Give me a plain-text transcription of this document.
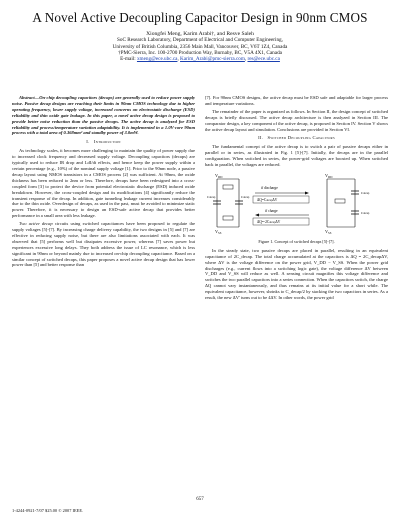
A Novel Active Decoupling Capacitor Design in 90nm CMOS
Xiongfei Meng, Karim Arabi†, and Resve Saleh
SoC Research Laboratory, Department of Electrical and Computer Engineering,
University of British Columbia, 2356 Main Mall, Vancouver, BC, V6T 1Z4, Canada
†PMC-Sierra, Inc. 100-2700 Production Way, Burnaby, BC, V5A 4X1, Canada
E-mail: xmeng@ece.ubc.ca, Karim_Arabi@pmc-sierra.com, res@ece.ubc.ca

Abstract—On-chip decoupling capacitors (decaps) are generally used to reduce power supply noise. Passive decap designs are reaching their limits in 90nm CMOS technology due to higher operating frequency, lower supply voltage, increased concerns on electrostatic discharge (ESD) reliability and thin oxide gate leakage. In this paper, a novel active decap design is proposed to provide better noise reduction than the passive decaps. The active decap is analyzed for ESD reliability and process/temperature variation adaptability. It is implemented in a 1.0V-core 90nm process with a total area of 0.368mm² and standby power of 3.0mW.

I. Introduction

As technology scales, it becomes more challenging to maintain the quality of power supply due to increased clock frequency and decreased supply voltage. Decoupling capacitors (decaps) are typically used to reduce IR drop and LdI/dt effects, and hence keep the power supply within a certain percentage (e.g., 10%) of the nominal supply voltage [1]. Prior to the 90nm node, a passive decap layout using NMOS transistors in a CMOS process [2] was sufficient. At 90nm, the oxide thickness has been reduced to 2nm or less. Therefore, decaps have been redesigned into a cross-coupled form [3] to protect the device from potential electrostatic discharge (ESD) induced oxide breakdown. However, the cross-coupled design and its modifications [4] significantly reduce the transient response of the decap. In addition, gate tunneling leakage current increases considerably due to the thin oxide. Overdesign of decaps, as used in the past, must be avoided to minimize static power. Therefore, it is necessary to design an ESD-safe active decap that provides better performance in a small area with less leakage.

Two active decap circuits using switched capacitances have been proposed to regulate the supply voltages [5]-[7]. By increasing charge delivery capability, the two designs in [5] and [7] are effective in reducing supply noise, but there are also limitations associated with each. It was observed that [5] performs well but dissipates excessive power, whereas [7] saves power but experiences excessive long delays. They both address the issue of LC resonance, which is less significant in 90nm or beyond mainly due to increased on-chip decoupling capacitance. Based on a similar concept of switched decaps, this paper proposes a novel active decap design that has lower power than [5] and better response than

[7]. For 90nm CMOS designs, the active decap must be ESD safe and adaptable for larger process and temperature variations.

The remainder of the paper is organized as follows. In Section II, the design concept of switched decaps is briefly discussed. The active decap architecture is then analyzed in Section III. The comparator design, a key component of the active decap, is proposed in Section IV. Section V shows the active decap layout and simulation. Conclusions are provided in Section VI.

II. Switched Decoupling Capacitors

The fundamental concept of the active decap is to switch a pair of passive decaps either in parallel or in series, as illustrated in Fig. 1 [5]-[7]. Initially, the decaps are in the parallel configuration. When switched in series, the power-grid voltages are boosted up. When switched back in parallel, the voltages are reduced.

$V_{DD}$
Cdecap	Cdecap
$V_{SS}$
if discharge
ΔQ=CdecapΔV
if charge
ΔQ=-2CdecapΔV
$V_{DD}$
Cdecap
Cdecap
$V_{SS}$
Figure 1. Concept of switched decaps [5]-[7].

In the steady state, two passive decaps are placed in parallel, resulting in an equivalent capacitance of 2C_decap. The total charge accumulated at the capacitors is ΔQ = 2C_decapΔV, where ΔV is the voltage difference on the power grid, V_DD − V_SS. When the power grid discharges (e.g., current flows into a switching logic gate), the voltage difference ΔV between V_DD and V_SS will reduce as well. A sensing circuit magnifies this voltage difference and switches the two parallel capacitors into a series connection. When the capacitors switch, the charge ΔQ cannot vary instantaneously, and thus remains at its initial value for a short while. The equivalent capacitance, however, shrinks to C_decap/2 by stacking the two capacitors in series. As a result, the new ΔV' turns out to be 4ΔV. In other words, the power grid

657
1-4244-0921-7/07 $25.00 © 2007 IEEE.
